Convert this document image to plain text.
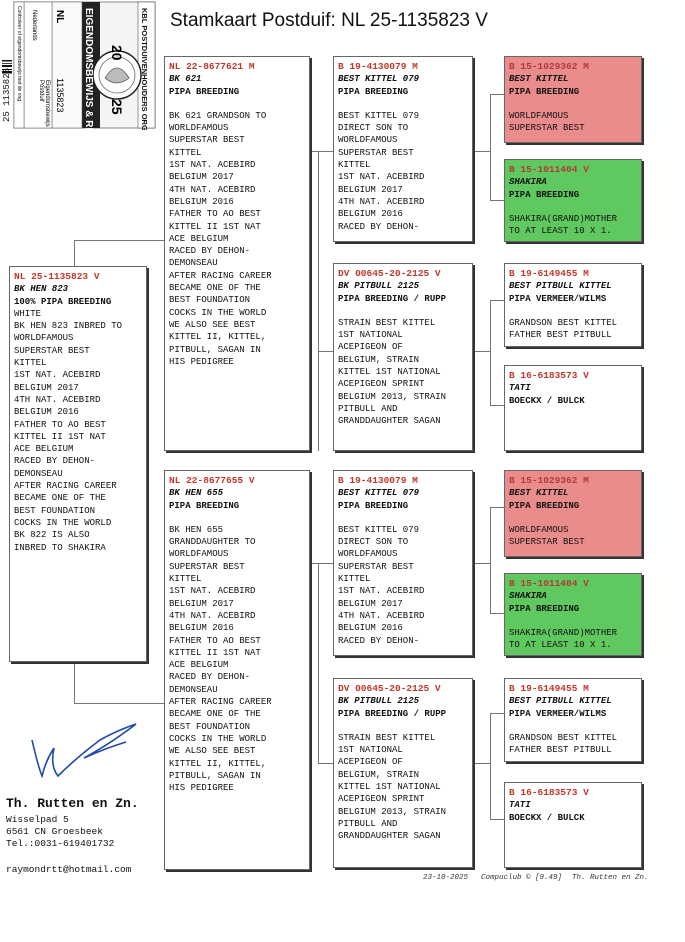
Stamkaart Postduif: NL 25-1135823 V
20
25 KBL POSTDUIVENHOUDERS ORGANISATIE
EIGENDOMSBEWIJS & RING
NL
1135823
Nederlands
Controleer of eigendomsbewijs met de ring	Postduif Eigendomsbewijs
25 1135823
NL 25-1135823 V
BK HEN 823
100% PIPA BREEDING
WHITE
BK HEN 823 INBRED TO
WORLDFAMOUS
SUPERSTAR BEST
KITTEL
1ST NAT. ACEBIRD
BELGIUM 2017
4TH NAT. ACEBIRD
BELGIUM 2016
FATHER TO AO BEST
KITTEL II 1ST NAT
ACE BELGIUM
RACED BY DEHON-
DEMONSEAU
AFTER RACING CAREER
BECAME ONE OF THE
BEST FOUNDATION
COCKS IN THE WORLD
BK 822 IS ALSO
INBRED TO SHAKIRA
NL 22-8677621 M
BK 621
PIPA BREEDING
BK 621 GRANDSON TO
WORLDFAMOUS
SUPERSTAR BEST
KITTEL
1ST NAT. ACEBIRD
BELGIUM 2017
4TH NAT. ACEBIRD
BELGIUM 2016
FATHER TO AO BEST
KITTEL II 1ST NAT
ACE BELGIUM
RACED BY DEHON-
DEMONSEAU
AFTER RACING CAREER
BECAME ONE OF THE
BEST FOUNDATION
COCKS IN THE WORLD
WE ALSO SEE BEST
KITTEL II, KITTEL,
PITBULL, SAGAN IN
HIS PEDIGREE
NL 22-8677655 V
BK HEN 655
PIPA BREEDING
BK HEN 655
GRANDDAUGHTER TO
WORLDFAMOUS
SUPERSTAR BEST
KITTEL
1ST NAT. ACEBIRD
BELGIUM 2017
4TH NAT. ACEBIRD
BELGIUM 2016
FATHER TO AO BEST
KITTEL II 1ST NAT
ACE BELGIUM
RACED BY DEHON-
DEMONSEAU
AFTER RACING CAREER
BECAME ONE OF THE
BEST FOUNDATION
COCKS IN THE WORLD
WE ALSO SEE BEST
KITTEL II, KITTEL,
PITBULL, SAGAN IN
HIS PEDIGREE
B 19-4130079 M
BEST KITTEL 079
PIPA BREEDING
BEST KITTEL 079
DIRECT SON TO
WORLDFAMOUS
SUPERSTAR BEST
KITTEL
1ST NAT. ACEBIRD
BELGIUM 2017
4TH NAT. ACEBIRD
BELGIUM 2016
RACED BY DEHON-
DV 00645-20-2125 V
BK PITBULL 2125
PIPA BREEDING / RUPP
STRAIN BEST KITTEL
1ST NATIONAL
ACEPIGEON OF
BELGIUM, STRAIN
KITTEL 1ST NATIONAL
ACEPIGEON SPRINT
BELGIUM 2013, STRAIN
PITBULL AND
GRANDDAUGHTER SAGAN
B 19-4130079 M
BEST KITTEL 079
PIPA BREEDING
BEST KITTEL 079
DIRECT SON TO
WORLDFAMOUS
SUPERSTAR BEST
KITTEL
1ST NAT. ACEBIRD
BELGIUM 2017
4TH NAT. ACEBIRD
BELGIUM 2016
RACED BY DEHON-
DV 00645-20-2125 V
BK PITBULL 2125
PIPA BREEDING / RUPP
STRAIN BEST KITTEL
1ST NATIONAL
ACEPIGEON OF
BELGIUM, STRAIN
KITTEL 1ST NATIONAL
ACEPIGEON SPRINT
BELGIUM 2013, STRAIN
PITBULL AND
GRANDDAUGHTER SAGAN
B 15-1029362 M
BEST KITTEL
PIPA BREEDING
WORLDFAMOUS
SUPERSTAR BEST
B 15-1011404 V
SHAKIRA
PIPA BREEDING
SHAKIRA(GRAND)MOTHER
TO AT LEAST 10 X 1.
B 19-6149455 M
BEST PITBULL KITTEL
PIPA VERMEER/WILMS
GRANDSON BEST KITTEL
FATHER BEST PITBULL
B 16-6183573 V
TATI
BOECKX / BULCK
B 15-1029362 M
BEST KITTEL
PIPA BREEDING
WORLDFAMOUS
SUPERSTAR BEST
B 15-1011404 V
SHAKIRA
PIPA BREEDING
SHAKIRA(GRAND)MOTHER
TO AT LEAST 10 X 1.
B 19-6149455 M
BEST PITBULL KITTEL
PIPA VERMEER/WILMS
GRANDSON BEST KITTEL
FATHER BEST PITBULL
B 16-6183573 V
TATI
BOECKX / BULCK
Th. Rutten en Zn.
Wisselpad 5
6561 CN Groesbeek
Tel.:0031-619401732
raymondrtt@hotmail.com
23-10-2025 Compuclub © [9.49] Th. Rutten en Zn.
